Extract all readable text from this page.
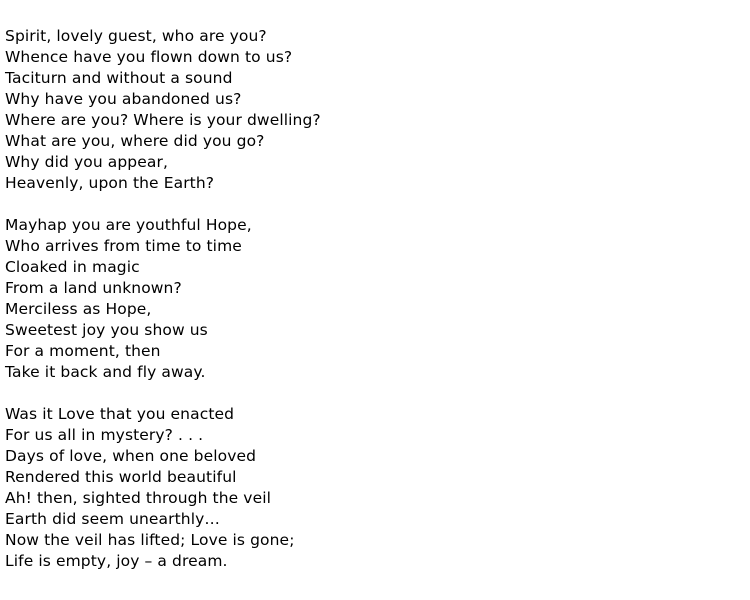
Spirit, lovely guest, who are you?
Whence have you flown down to us?
Taciturn and without a sound
Why have you abandoned us?
Where are you? Where is your dwelling?
What are you, where did you go?
Why did you appear,
Heavenly, upon the Earth?
Mayhap you are youthful Hope,
Who arrives from time to time
Cloaked in magic
From a land unknown?
Merciless as Hope,
Sweetest joy you show us
For a moment, then
Take it back and fly away.
Was it Love that you enacted
For us all in mystery? . . .
Days of love, when one beloved
Rendered this world beautiful
Ah! then, sighted through the veil
Earth did seem unearthly…
Now the veil has lifted; Love is gone;
Life is empty, joy – a dream.
